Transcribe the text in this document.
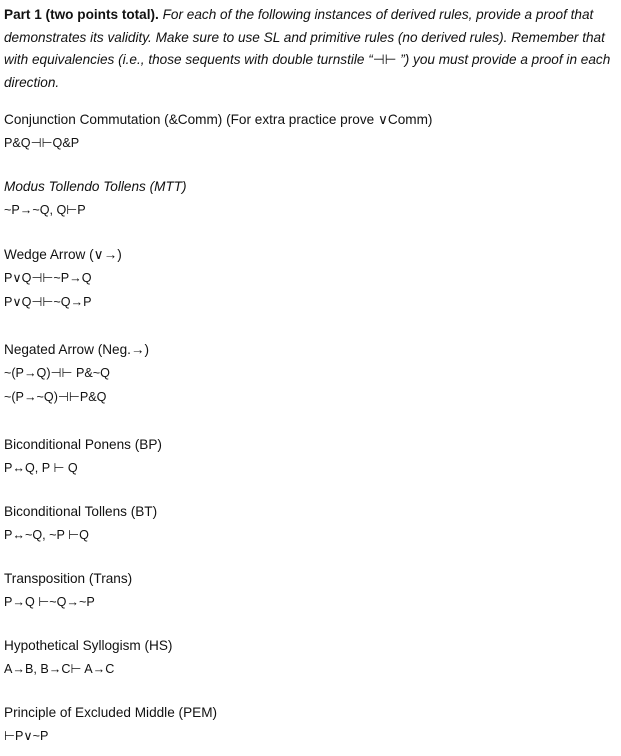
Part 1 (two points total). For each of the following instances of derived rules, provide a proof that demonstrates its validity. Make sure to use SL and primitive rules (no derived rules). Remember that with equivalencies (i.e., those sequents with double turnstile “⊣⊢ ”) you must provide a proof in each direction.
Conjunction Commutation (&Comm) (For extra practice prove ∨Comm)
P&Q⊣⊢Q&P
Modus Tollendo Tollens (MTT)
~P→~Q, Q⊢P
Wedge Arrow (∨→)
P∨Q⊣⊢~P→Q
P∨Q⊣⊢~Q→P
Negated Arrow (Neg.→)
~(P→Q)⊣⊢ P&~Q
~(P→~Q)⊣⊢P&Q
Biconditional Ponens (BP)
P↔Q, P ⊢ Q
Biconditional Tollens (BT)
P↔~Q, ~P ⊢Q
Transposition (Trans)
P→Q ⊢~Q→~P
Hypothetical Syllogism (HS)
A→B, B→C⊢ A→C
Principle of Excluded Middle (PEM)
⊢P∨~P
